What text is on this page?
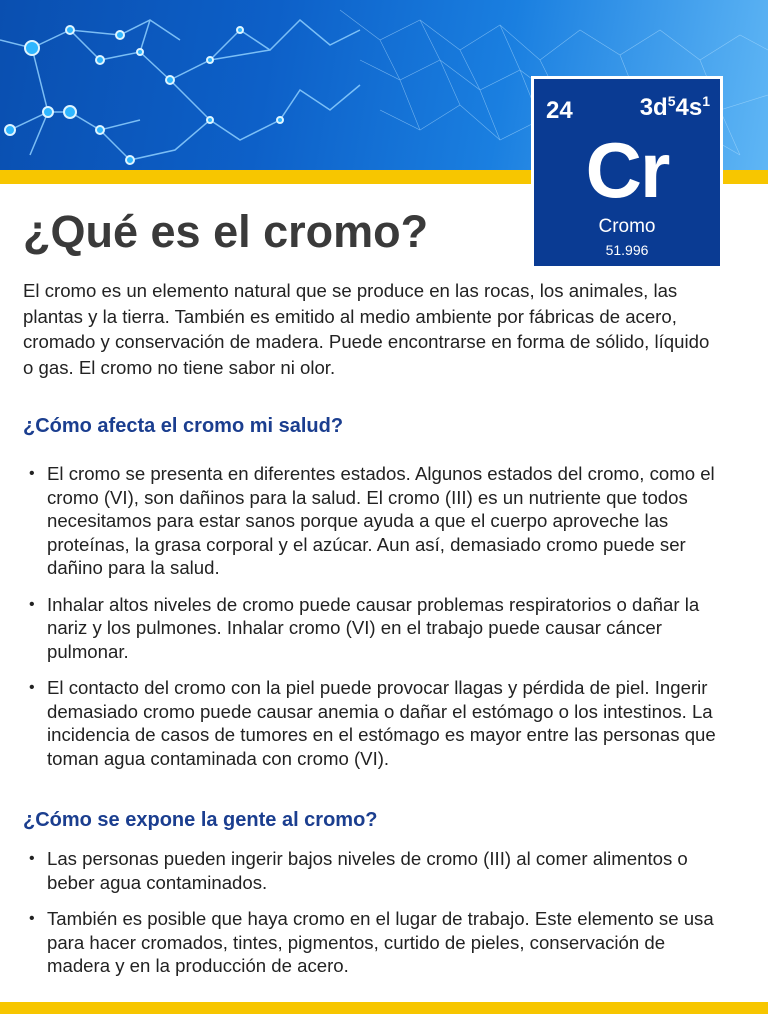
24	$3d^54s^1$
Cr
Cromo
51.996
¿Qué es el cromo?

El cromo es un elemento natural que se produce en las rocas, los animales, las plantas y la tierra. También es emitido al medio ambiente por fábricas de acero, cromado y conservación de madera. Puede encontrarse en forma de sólido, líquido o gas. El cromo no tiene sabor ni olor.

¿Cómo afecta el cromo mi salud?
• El cromo se presenta en diferentes estados. Algunos estados del cromo, como el cromo (VI), son dañinos para la salud. El cromo (III) es un nutriente que todos necesitamos para estar sanos porque ayuda a que el cuerpo aproveche las proteínas, la grasa corporal y el azúcar. Aun así, demasiado cromo puede ser dañino para la salud.
• Inhalar altos niveles de cromo puede causar problemas respiratorios o dañar la nariz y los pulmones. Inhalar cromo (VI) en el trabajo puede causar cáncer pulmonar.
• El contacto del cromo con la piel puede provocar llagas y pérdida de piel. Ingerir demasiado cromo puede causar anemia o dañar el estómago o los intestinos. La incidencia de casos de tumores en el estómago es mayor entre las personas que toman agua contaminada con cromo (VI).
¿Cómo se expone la gente al cromo?
• Las personas pueden ingerir bajos niveles de cromo (III) al comer alimentos o beber agua contaminados.
• También es posible que haya cromo en el lugar de trabajo. Este elemento se usa para hacer cromados, tintes, pigmentos, curtido de pieles, conservación de madera y en la producción de acero.
